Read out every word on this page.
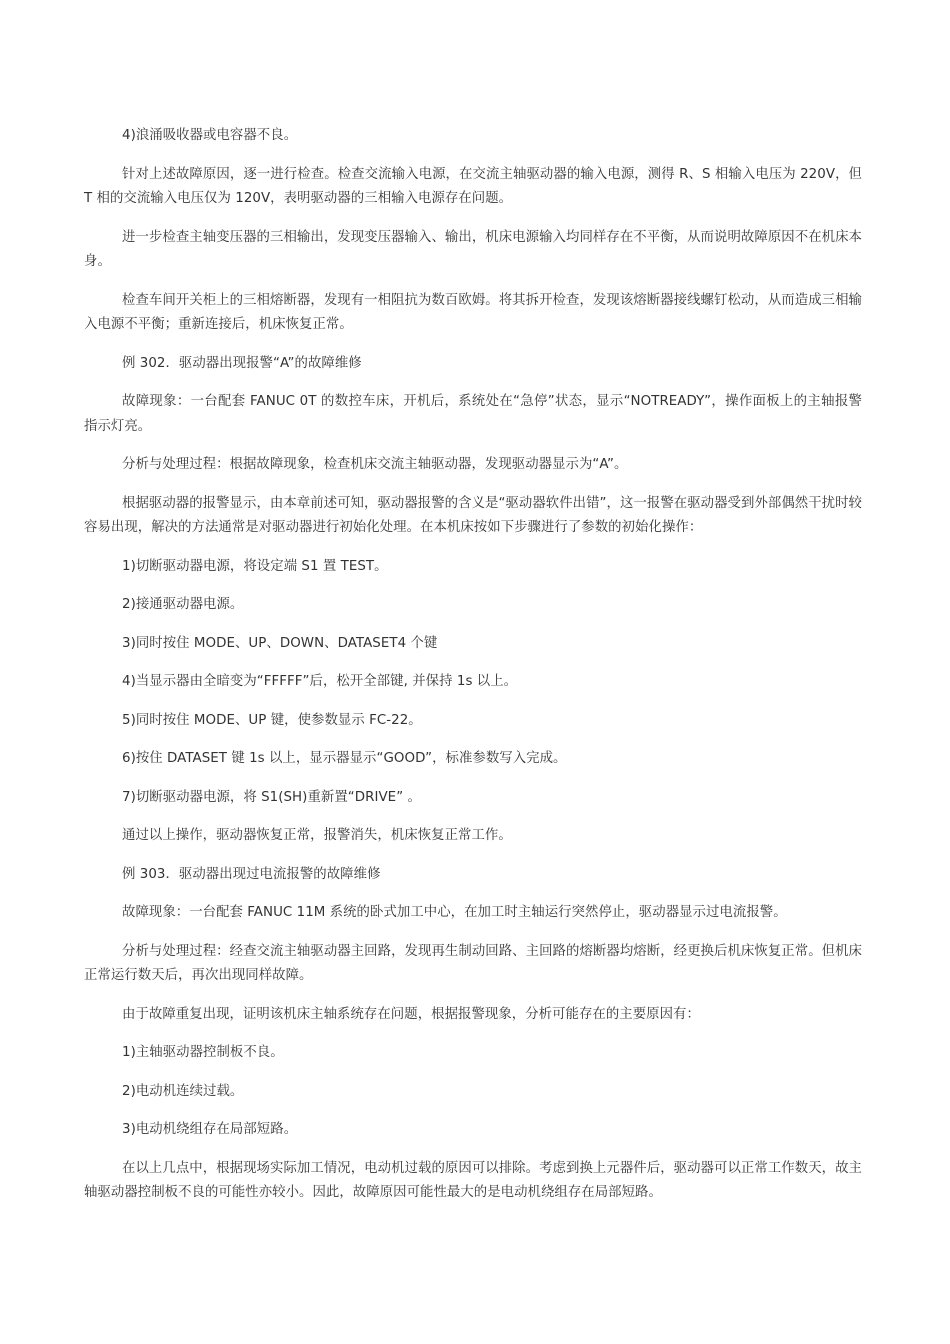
4)浪涌吸收器或电容器不良。

针对上述故障原因，逐一进行检查。检查交流输入电源，在交流主轴驱动器的输入电源，测得 R、S 相输入电压为 220V，但 T 相的交流输入电压仅为 120V，表明驱动器的三相输入电源存在问题。

进一步检查主轴变压器的三相输出，发现变压器输入、输出，机床电源输入均同样存在不平衡，从而说明故障原因不在机床本身。

检查车间开关柜上的三相熔断器，发现有一相阻抗为数百欧姆。将其拆开检查，发现该熔断器接线螺钉松动，从而造成三相输入电源不平衡；重新连接后，机床恢复正常。

例 302．驱动器出现报警“A”的故障维修

故障现象：一台配套 FANUC 0T 的数控车床，开机后，系统处在“急停”状态，显示“NOTREADY”，操作面板上的主轴报警指示灯亮。

分析与处理过程：根据故障现象，检查机床交流主轴驱动器，发现驱动器显示为“A”。

根据驱动器的报警显示，由本章前述可知，驱动器报警的含义是“驱动器软件出错”，这一报警在驱动器受到外部偶然干扰时较容易出现，解决的方法通常是对驱动器进行初始化处理。在本机床按如下步骤进行了参数的初始化操作：

1)切断驱动器电源，将设定端 S1 置 TEST。

2)接通驱动器电源。

3)同时按住 MODE、UP、DOWN、DATASET4 个键

4)当显示器由全暗变为“FFFFF”后，松开全部键, 并保持 1s 以上。

5)同时按住 MODE、UP 键，使参数显示 FC-22。

6)按住 DATASET 键 1s 以上，显示器显示“GOOD”，标准参数写入完成。

7)切断驱动器电源，将 S1(SH)重新置“DRIVE” 。

通过以上操作，驱动器恢复正常，报警消失，机床恢复正常工作。

例 303．驱动器出现过电流报警的故障维修

故障现象：一台配套 FANUC 11M 系统的卧式加工中心，在加工时主轴运行突然停止，驱动器显示过电流报警。

分析与处理过程：经查交流主轴驱动器主回路，发现再生制动回路、主回路的熔断器均熔断，经更换后机床恢复正常。但机床正常运行数天后，再次出现同样故障。

由于故障重复出现，证明该机床主轴系统存在问题，根据报警现象，分析可能存在的主要原因有：

1)主轴驱动器控制板不良。

2)电动机连续过载。

3)电动机绕组存在局部短路。

在以上几点中，根据现场实际加工情况，电动机过载的原因可以排除。考虑到换上元器件后，驱动器可以正常工作数天，故主轴驱动器控制板不良的可能性亦较小。因此，故障原因可能性最大的是电动机绕组存在局部短路。
